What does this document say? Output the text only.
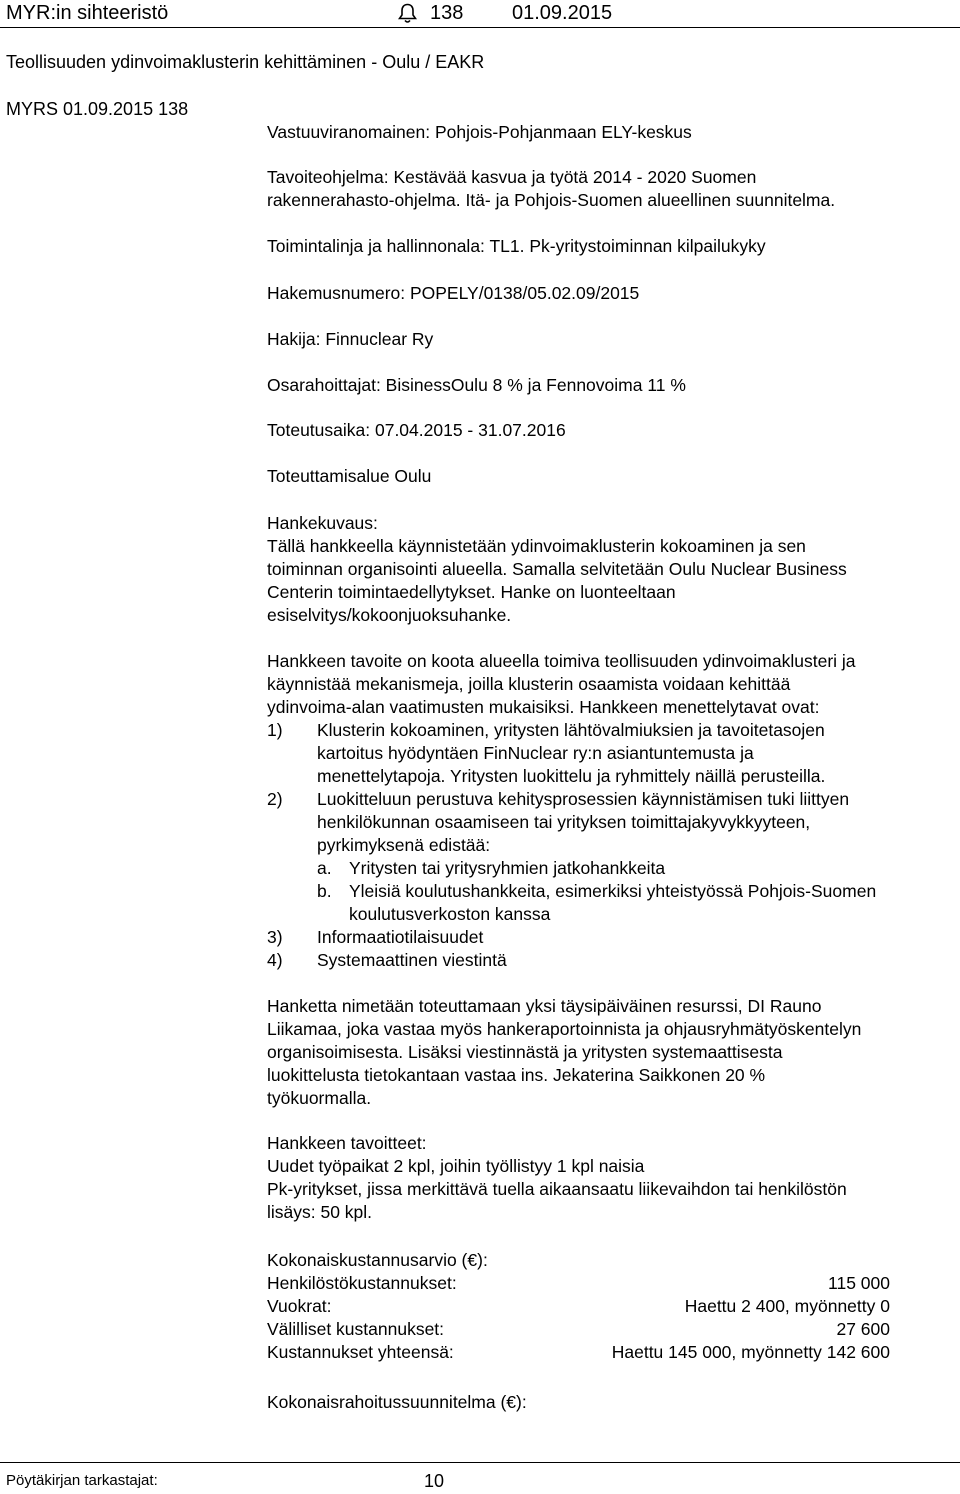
MYR:in sihteeristö	138 01.09.2015
Teollisuuden ydinvoimaklusterin kehittäminen - Oulu / EAKR
MYRS 01.09.2015 138
Vastuuviranomainen: Pohjois-Pohjanmaan ELY-keskus
Tavoiteohjelma: Kestävää kasvua ja työtä 2014 - 2020 Suomen
rakennerahasto-ohjelma. Itä- ja Pohjois-Suomen alueellinen suunnitelma.
Toimintalinja ja hallinnonala: TL1. Pk-yritystoiminnan kilpailukyky
Hakemusnumero: POPELY/0138/05.02.09/2015
Hakija: Finnuclear Ry
Osarahoittajat: BisinessOulu 8 % ja Fennovoima 11 %
Toteutusaika: 07.04.2015 - 31.07.2016
Toteuttamisalue Oulu
Hankekuvaus:
Tällä hankkeella käynnistetään ydinvoimaklusterin kokoaminen ja sen
toiminnan organisointi alueella. Samalla selvitetään Oulu Nuclear Business
Centerin toimintaedellytykset. Hanke on luonteeltaan
esiselvitys/kokoonjuoksuhanke.
Hankkeen tavoite on koota alueella toimiva teollisuuden ydinvoimaklusteri ja
käynnistää mekanismeja, joilla klusterin osaamista voidaan kehittää
ydinvoima-alan vaatimusten mukaisiksi. Hankkeen menettelytavat ovat:
1) Klusterin kokoaminen, yritysten lähtövalmiuksien ja tavoitetasojen
kartoitus hyödyntäen FinNuclear ry:n asiantuntemusta ja
menettelytapoja. Yritysten luokittelu ja ryhmittely näillä perusteilla.
2) Luokitteluun perustuva kehitysprosessien käynnistämisen tuki liittyen
henkilökunnan osaamiseen tai yrityksen toimittajakyvykkyyteen,
pyrkimyksenä edistää:
a. Yritysten tai yritysryhmien jatkohankkeita
b. Yleisiä koulutushankkeita, esimerkiksi yhteistyössä Pohjois-Suomen
koulutusverkoston kanssa
3) Informaatiotilaisuudet
4) Systemaattinen viestintä
Hanketta nimetään toteuttamaan yksi täysipäiväinen resurssi, DI Rauno
Liikamaa, joka vastaa myös hankeraportoinnista ja ohjausryhmätyöskentelyn
organisoimisesta. Lisäksi viestinnästä ja yritysten systemaattisesta
luokittelusta tietokantaan vastaa ins. Jekaterina Saikkonen 20 %
työkuormalla.
Hankkeen tavoitteet:
Uudet työpaikat 2 kpl, joihin työllistyy 1 kpl naisia
Pk-yritykset, jissa merkittävä tuella aikaansaatu liikevaihdon tai henkilöstön
lisäys: 50 kpl.
Kokonaiskustannusarvio (€):
Henkilöstökustannukset:	115 000
Vuokrat:	Haettu 2 400, myönnetty 0
Välilliset kustannukset:	27 600
Kustannukset yhteensä:	Haettu 145 000, myönnetty 142 600
Kokonaisrahoitussuunnitelma (€):
Pöytäkirjan tarkastajat:	10
